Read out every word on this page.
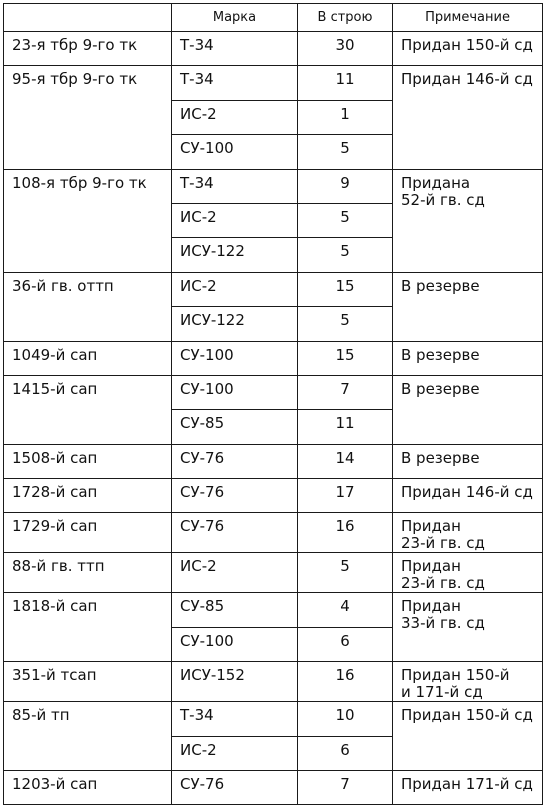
	Марка	В строю	Примечание
23-я тбр 9-го тк	Т-34	30	Придан 150-й сд

95-я тбр 9-го тк	Т-34	11	Придан 146-й сд

	ИС-2	1	
	СУ-100	5	
108-я тбр 9-го тк	Т-34	9	Придана
52-й гв. сд

	ИС-2	5	
	ИСУ-122	5	
36-й гв. оттп	ИС-2	15	В резерве

	ИСУ-122	5	
1049-й сап	СУ-100	15	В резерве

1415-й сап	СУ-100	7	В резерве

	СУ-85	11	
1508-й сап	СУ-76	14	В резерве

1728-й сап	СУ-76	17	Придан 146-й сд

1729-й сап	СУ-76	16	Придан
23-й гв. сд

88-й гв. ттп	ИС-2	5	Придан
23-й гв. сд

1818-й сап	СУ-85	4	Придан
33-й гв. сд

	СУ-100	6	
351-й тсап	ИСУ-152	16	Придан 150-й
и 171-й сд

85-й тп	Т-34	10	Придан 150-й сд

	ИС-2	6	
1203-й сап	СУ-76	7	Придан 171-й сд
